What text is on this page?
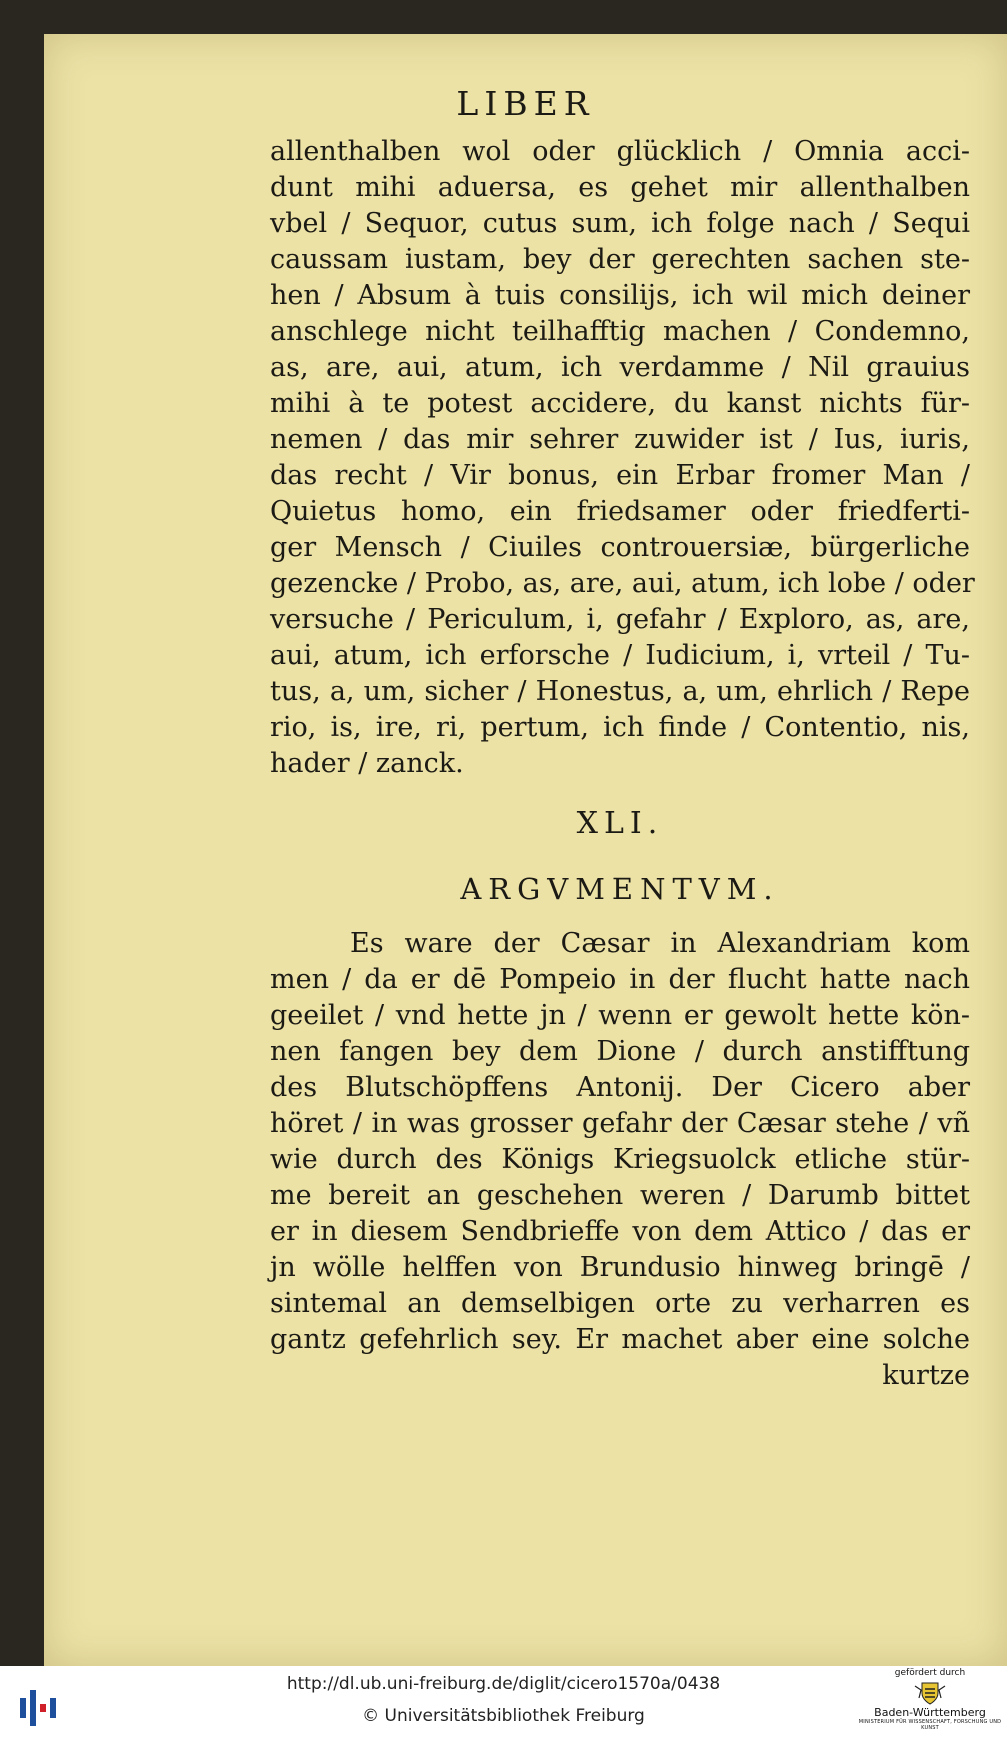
LIBER
allenthalben wol oder glücklich / Omnia acci-
dunt mihi aduersa, es gehet mir allenthalben
vbel / Sequor, cutus sum, ich folge nach / Sequi
caussam iustam, bey der gerechten sachen ste-
hen / Absum à tuis consilijs, ich wil mich deiner
anschlege nicht teilhafftig machen / Condemno,
as, are, aui, atum, ich verdamme / Nil grauius
mihi à te potest accidere, du kanst nichts für-
nemen / das mir sehrer zuwider ist / Ius, iuris,
das recht / Vir bonus, ein Erbar fromer Man /
Quietus homo, ein friedsamer oder friedferti-
ger Mensch / Ciuiles controuersiæ, bürgerliche
gezencke / Probo, as, are, aui, atum, ich lobe / oder
versuche / Periculum, i, gefahr / Exploro, as, are,
aui, atum, ich erforsche / Iudicium, i, vrteil / Tu-
tus, a, um, sicher / Honestus, a, um, ehrlich / Repe
rio, is, ire, ri, pertum, ich finde / Contentio, nis,
hader / zanck.
XLI.
ARGVMENTVM.
Es ware der Cæsar in Alexandriam kom
men / da er dē Pompeio in der flucht hatte nach
geeilet / vnd hette jn / wenn er gewolt hette kön-
nen fangen bey dem Dione / durch anstifftung
des Blutschöpffens Antonij. Der Cicero aber
höret / in was grosser gefahr der Cæsar stehe / vñ
wie durch des Königs Kriegsuolck etliche stür-
me bereit an geschehen weren / Darumb bittet
er in diesem Sendbrieffe von dem Attico / das er
jn wölle helffen von Brundusio hinweg bringē /
sintemal an demselbigen orte zu verharren es
gantz gefehrlich sey. Er machet aber eine solche
kurtze
http://dl.ub.uni-freiburg.de/diglit/cicero1570a/0438
© Universitätsbibliothek Freiburg
gefördert durch
Baden-Württemberg
MINISTERIUM FÜR WISSENSCHAFT, FORSCHUNG UND KUNST
